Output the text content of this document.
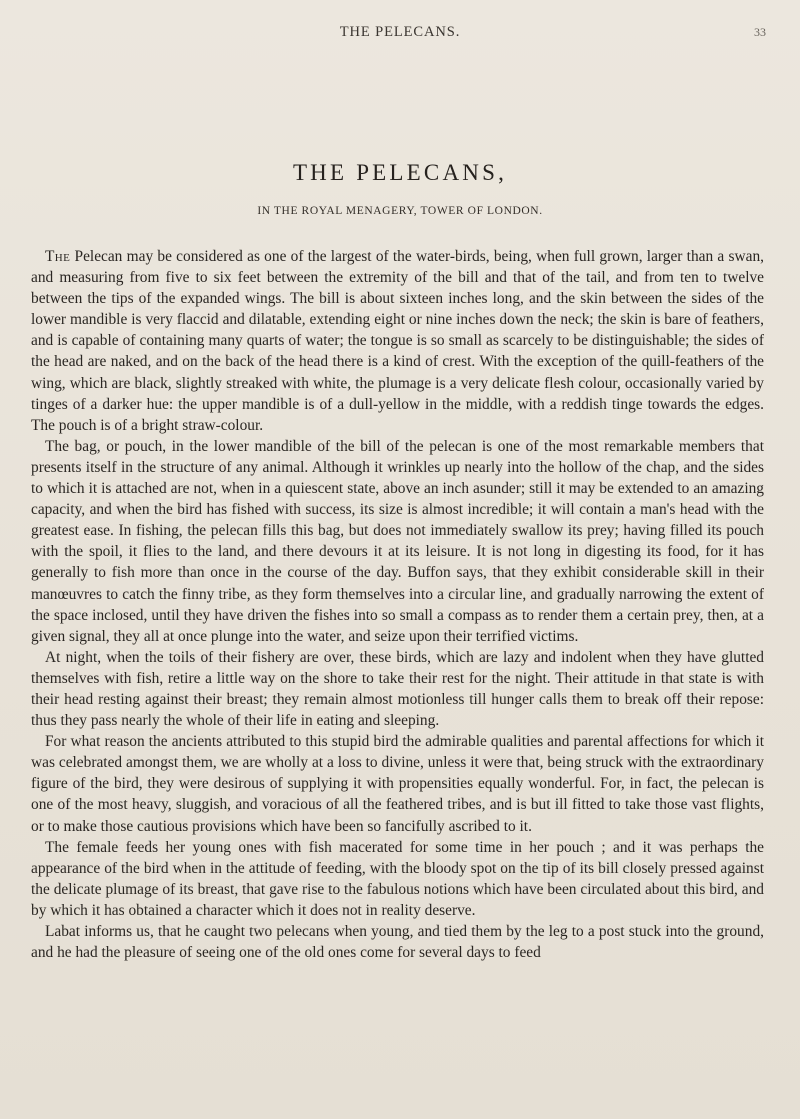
THE PELECANS.	33
THE PELECANS,
IN THE ROYAL MENAGERY, TOWER OF LONDON.

The Pelecan may be considered as one of the largest of the water-birds, being, when full grown, larger than a swan, and measuring from five to six feet between the extremity of the bill and that of the tail, and from ten to twelve between the tips of the expanded wings. The bill is about sixteen inches long, and the skin between the sides of the lower mandible is very flaccid and dilatable, extending eight or nine inches down the neck; the skin is bare of feathers, and is capable of containing many quarts of water; the tongue is so small as scarcely to be distinguishable; the sides of the head are naked, and on the back of the head there is a kind of crest. With the exception of the quill-feathers of the wing, which are black, slightly streaked with white, the plumage is a very delicate flesh colour, occasionally varied by tinges of a darker hue: the upper mandible is of a dull-yellow in the middle, with a reddish tinge towards the edges. The pouch is of a bright straw-colour.

The bag, or pouch, in the lower mandible of the bill of the pelecan is one of the most remarkable members that presents itself in the structure of any animal. Although it wrinkles up nearly into the hollow of the chap, and the sides to which it is attached are not, when in a quiescent state, above an inch asunder; still it may be extended to an amazing capacity, and when the bird has fished with success, its size is almost incredible; it will contain a man's head with the greatest ease. In fishing, the pelecan fills this bag, but does not immediately swallow its prey; having filled its pouch with the spoil, it flies to the land, and there devours it at its leisure. It is not long in digesting its food, for it has generally to fish more than once in the course of the day. Buffon says, that they exhibit considerable skill in their manœuvres to catch the finny tribe, as they form themselves into a circular line, and gradually narrowing the extent of the space inclosed, until they have driven the fishes into so small a compass as to render them a certain prey, then, at a given signal, they all at once plunge into the water, and seize upon their terrified victims.

At night, when the toils of their fishery are over, these birds, which are lazy and indolent when they have glutted themselves with fish, retire a little way on the shore to take their rest for the night. Their attitude in that state is with their head resting against their breast; they remain almost motionless till hunger calls them to break off their repose: thus they pass nearly the whole of their life in eating and sleeping.

For what reason the ancients attributed to this stupid bird the admirable qualities and parental affections for which it was celebrated amongst them, we are wholly at a loss to divine, unless it were that, being struck with the extraordinary figure of the bird, they were desirous of supplying it with propensities equally wonderful. For, in fact, the pelecan is one of the most heavy, sluggish, and voracious of all the feathered tribes, and is but ill fitted to take those vast flights, or to make those cautious provisions which have been so fancifully ascribed to it.

The female feeds her young ones with fish macerated for some time in her pouch ; and it was perhaps the appearance of the bird when in the attitude of feeding, with the bloody spot on the tip of its bill closely pressed against the delicate plumage of its breast, that gave rise to the fabulous notions which have been circulated about this bird, and by which it has obtained a character which it does not in reality deserve.

Labat informs us, that he caught two pelecans when young, and tied them by the leg to a post stuck into the ground, and he had the pleasure of seeing one of the old ones come for several days to feed
